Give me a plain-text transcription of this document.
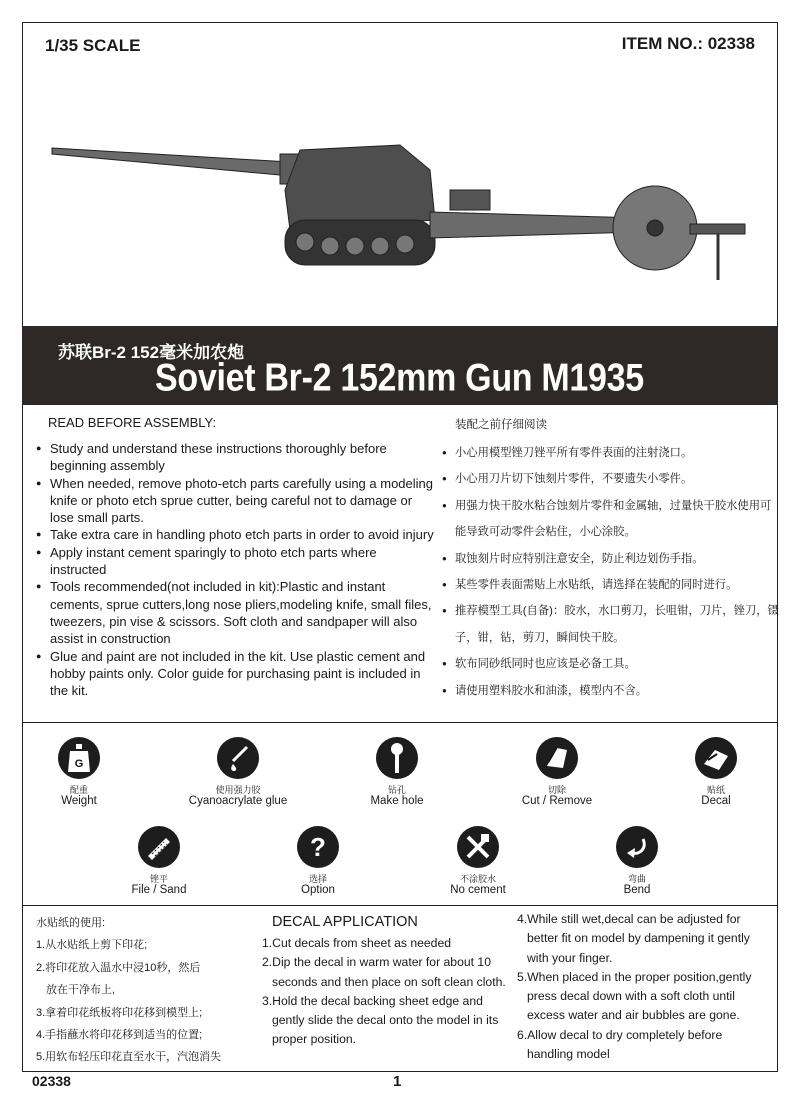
1/35 SCALE	ITEM NO.: 02338
苏联Br-2 152毫米加农炮
Soviet Br-2 152mm Gun M1935
READ BEFORE ASSEMBLY:
● Study and understand these instructions thoroughly before beginning assembly
● When needed, remove photo-etch parts carefully using a modeling knife or photo etch sprue cutter, being careful not to damage or lose small parts.
● Take extra care in handling photo etch parts in order to avoid injury
● Apply instant cement sparingly to photo etch parts where instructed
● Tools recommended(not included in kit):Plastic and instant cements, sprue cutters,long nose pliers,modeling knife, small files, tweezers, pin vise & scissors. Soft cloth and sandpaper will also assist in construction
● Glue and paint are not included in the kit. Use plastic cement and hobby paints only. Color guide for purchasing paint is included in the kit.
装配之前仔细阅读
● 小心用模型锉刀锉平所有零件表面的注射浇口。
● 小心用刀片切下蚀刻片零件，不要遗失小零件。
● 用强力快干胶水粘合蚀刻片零件和金属轴，过量快干胶水使用可能导致可动零件会粘住，小心涂胶。
● 取蚀刻片时应特别注意安全，防止利边划伤手指。
● 某些零件表面需贴上水贴纸，请选择在装配的同时进行。
● 推荐模型工具(自备)：胶水，水口剪刀，长咀钳，刀片，锉刀，镊子，钳，钻，剪刀，瞬间快干胶。
● 软布同砂纸同时也应该是必备工具。
● 请使用塑料胶水和油漆，模型内不含。
G
配重
Weight
使用强力胶
Cyanoacrylate glue
钻孔
Make hole
切除
Cut / Remove
贴纸
Decal
锉平
File / Sand
?
选择
Option
不涂胶水
No cement
弯曲
Bend
水贴纸的使用:
1.从水贴纸上剪下印花;
2.将印花放入温水中浸10秒，然后
放在干净布上,
3.拿着印花纸板将印花移到模型上;
4.手指蘸水将印花移到适当的位置;
5.用软布轻压印花直至水干，汽泡消失
DECAL APPLICATION
1.Cut decals from sheet as needed
2.Dip the decal in warm water for about 10
seconds and then place on soft clean cloth.
3.Hold the decal backing sheet edge and
gently slide the decal onto the model in its
proper position.
4.While still wet,decal can be adjusted for
better fit on model by dampening it gently
with your finger.
5.When placed in the proper position,gently
press decal down with a soft cloth until
excess water and air bubbles are gone.
6.Allow decal to dry completely before
handling model
02338	1
